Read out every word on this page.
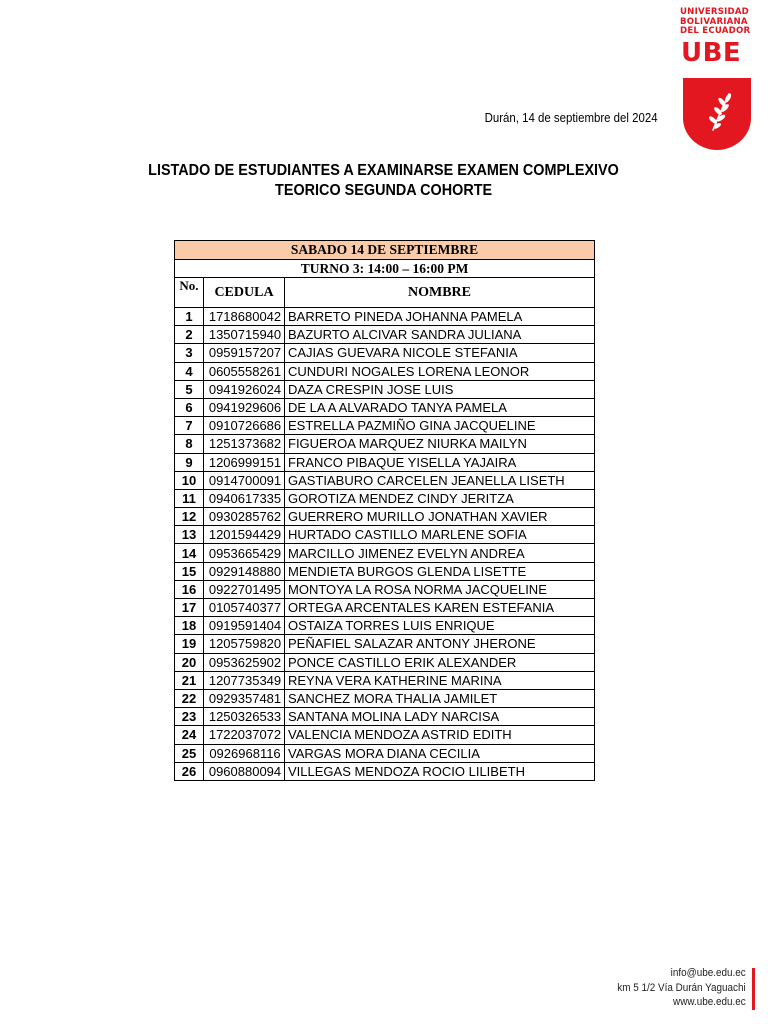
UNIVERSIDAD
BOLIVARIANA
DEL ECUADOR
UBE
Durán, 14 de septiembre del 2024
LISTADO DE ESTUDIANTES A EXAMINARSE EXAMEN COMPLEXIVO
TEORICO SEGUNDA COHORTE
SABADO 14 DE SEPTIEMBRE		
TURNO 3: 14:00 – 16:00 PM		
No.	CEDULA	NOMBRE
1	1718680042	BARRETO PINEDA JOHANNA PAMELA
2	1350715940	BAZURTO ALCIVAR SANDRA JULIANA
3	0959157207	CAJIAS GUEVARA NICOLE STEFANIA
4	0605558261	CUNDURI NOGALES LORENA LEONOR
5	0941926024	DAZA CRESPIN JOSE LUIS
6	0941929606	DE LA A ALVARADO TANYA PAMELA
7	0910726686	ESTRELLA PAZMIÑO GINA JACQUELINE
8	1251373682	FIGUEROA MARQUEZ NIURKA MAILYN
9	1206999151	FRANCO PIBAQUE YISELLA YAJAIRA
10	0914700091	GASTIABURO CARCELEN JEANELLA LISETH
11	0940617335	GOROTIZA MENDEZ CINDY JERITZA
12	0930285762	GUERRERO MURILLO JONATHAN XAVIER
13	1201594429	HURTADO CASTILLO MARLENE SOFIA
14	0953665429	MARCILLO JIMENEZ EVELYN ANDREA
15	0929148880	MENDIETA BURGOS GLENDA LISETTE
16	0922701495	MONTOYA LA ROSA NORMA JACQUELINE
17	0105740377	ORTEGA ARCENTALES KAREN ESTEFANIA
18	0919591404	OSTAIZA TORRES LUIS ENRIQUE
19	1205759820	PEÑAFIEL SALAZAR ANTONY JHERONE
20	0953625902	PONCE CASTILLO ERIK ALEXANDER
21	1207735349	REYNA VERA KATHERINE MARINA
22	0929357481	SANCHEZ MORA THALIA JAMILET
23	1250326533	SANTANA MOLINA LADY NARCISA
24	1722037072	VALENCIA MENDOZA ASTRID EDITH
25	0926968116	VARGAS MORA DIANA CECILIA
26	0960880094	VILLEGAS MENDOZA ROCIO LILIBETH
info@ube.edu.ec
km 5 1/2 Vía Durán Yaguachi
www.ube.edu.ec
